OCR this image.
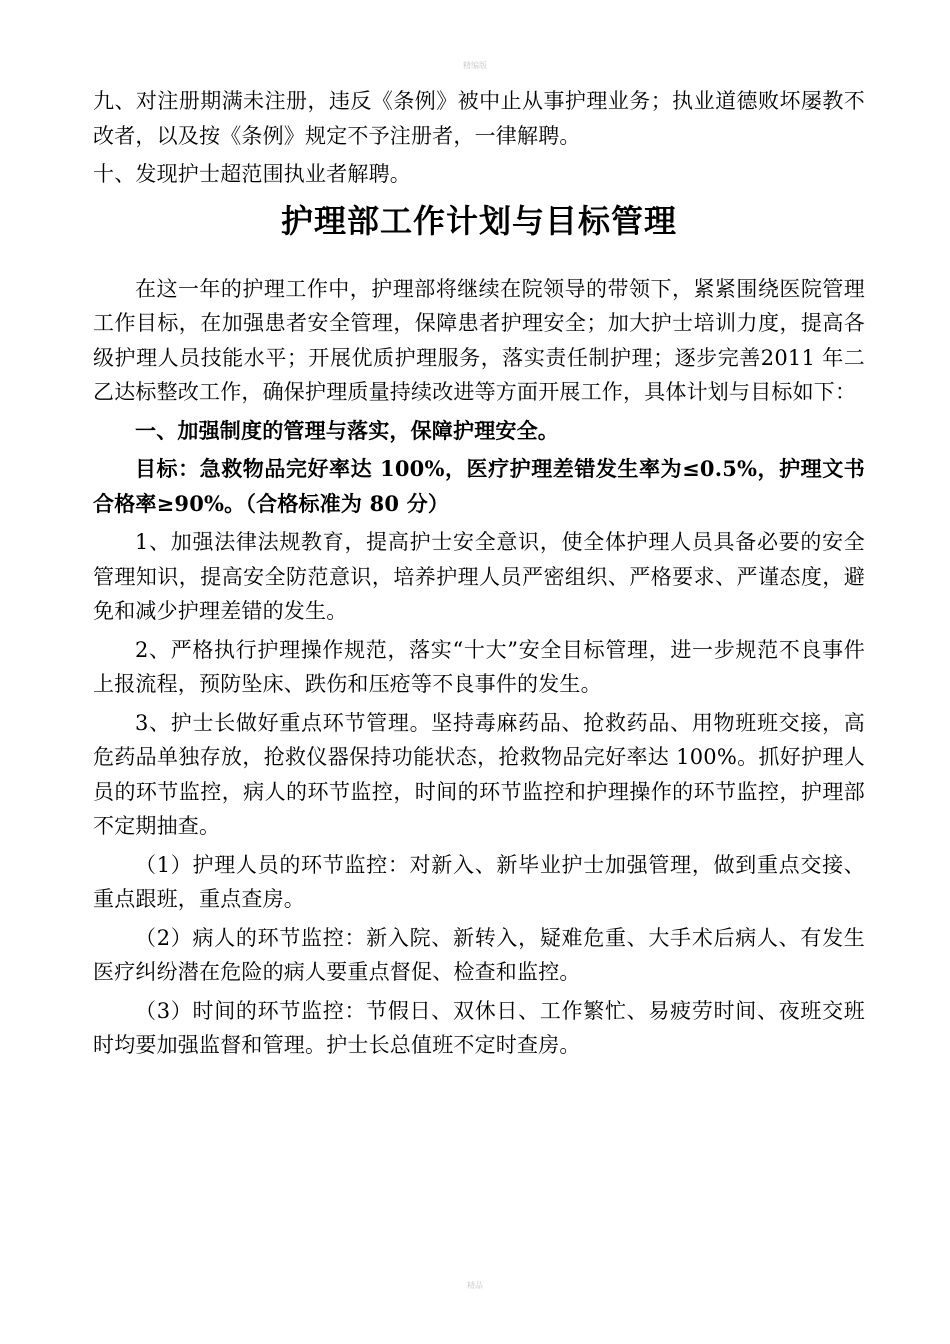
精编版

九、对注册期满未注册，违反《条例》被中止从事护理业务；执业道德败坏屡教不改者，以及按《条例》规定不予注册者，一律解聘。

十、发现护士超范围执业者解聘。

护理部工作计划与目标管理

在这一年的护理工作中，护理部将继续在院领导的带领下，紧紧围绕医院管理工作目标，在加强患者安全管理，保障患者护理安全；加大护士培训力度，提高各级护理人员技能水平；开展优质护理服务，落实责任制护理；逐步完善2011 年二乙达标整改工作，确保护理质量持续改进等方面开展工作，具体计划与目标如下：

一、加强制度的管理与落实，保障护理安全。

目标：急救物品完好率达 100%，医疗护理差错发生率为≤0.5%，护理文书合格率≥90%。（合格标准为 80 分）

1、加强法律法规教育，提高护士安全意识，使全体护理人员具备必要的安全管理知识，提高安全防范意识，培养护理人员严密组织、严格要求、严谨态度，避免和减少护理差错的发生。

2、严格执行护理操作规范，落实“十大”安全目标管理，进一步规范不良事件上报流程，预防坠床、跌伤和压疮等不良事件的发生。

3、护士长做好重点环节管理。坚持毒麻药品、抢救药品、用物班班交接，高危药品单独存放，抢救仪器保持功能状态，抢救物品完好率达 100%。抓好护理人员的环节监控，病人的环节监控，时间的环节监控和护理操作的环节监控，护理部不定期抽查。

（1）护理人员的环节监控：对新入、新毕业护士加强管理，做到重点交接、重点跟班，重点查房。

（2）病人的环节监控：新入院、新转入，疑难危重、大手术后病人、有发生医疗纠纷潜在危险的病人要重点督促、检查和监控。

（3）时间的环节监控：节假日、双休日、工作繁忙、易疲劳时间、夜班交班时均要加强监督和管理。护士长总值班不定时查房。

精品
